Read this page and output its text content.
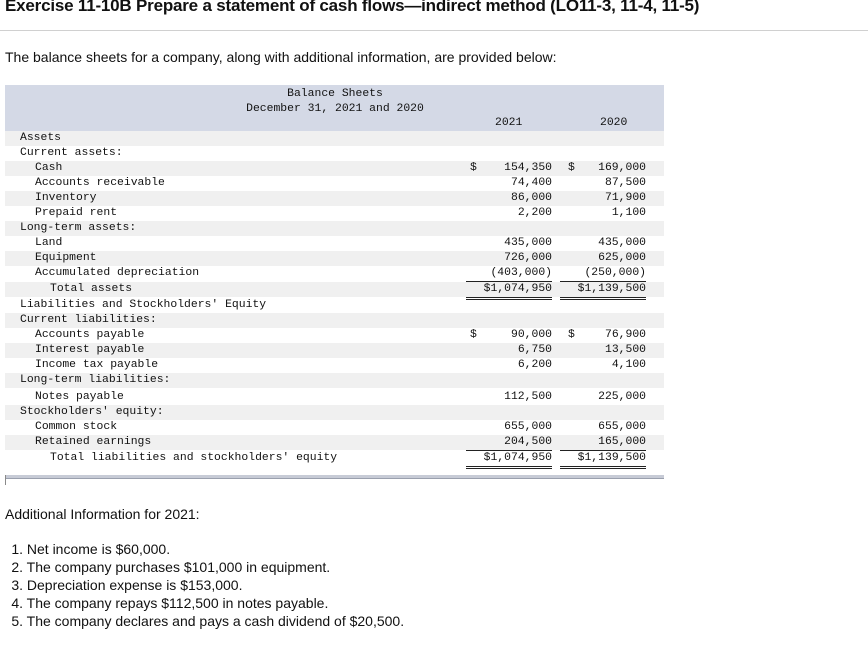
Exercise 11-10B Prepare a statement of cash flows—indirect method (LO11-3, 11-4, 11-5)
The balance sheets for a company, along with additional information, are provided below:
Balance Sheets
December 31, 2021 and 2020
2021	2020
Assets
Current assets:
Cash	$ 154,350 $ 169,000
Accounts receivable	74,400	87,500
Inventory	86,000	71,900
Prepaid rent	2,200	1,100
Long-term assets:
Land	435,000	435,000
Equipment	726,000	625,000
Accumulated depreciation	(403,000)	(250,000)
Total assets	$1,074,950	$1,139,500
Liabilities and Stockholders' Equity
Current liabilities:
Accounts payable	$	90,000 $	76,900
Interest payable	6,750	13,500
Income tax payable	6,200	4,100
Long-term liabilities:
Notes payable	112,500	225,000
Stockholders' equity:
Common stock	655,000	655,000
Retained earnings	204,500	165,000
Total liabilities and stockholders' equity	$1,074,950	$1,139,500
Additional Information for 2021:
1. Net income is $60,000.
2. The company purchases $101,000 in equipment.
3. Depreciation expense is $153,000.
4. The company repays $112,500 in notes payable.
5. The company declares and pays a cash dividend of $20,500.
